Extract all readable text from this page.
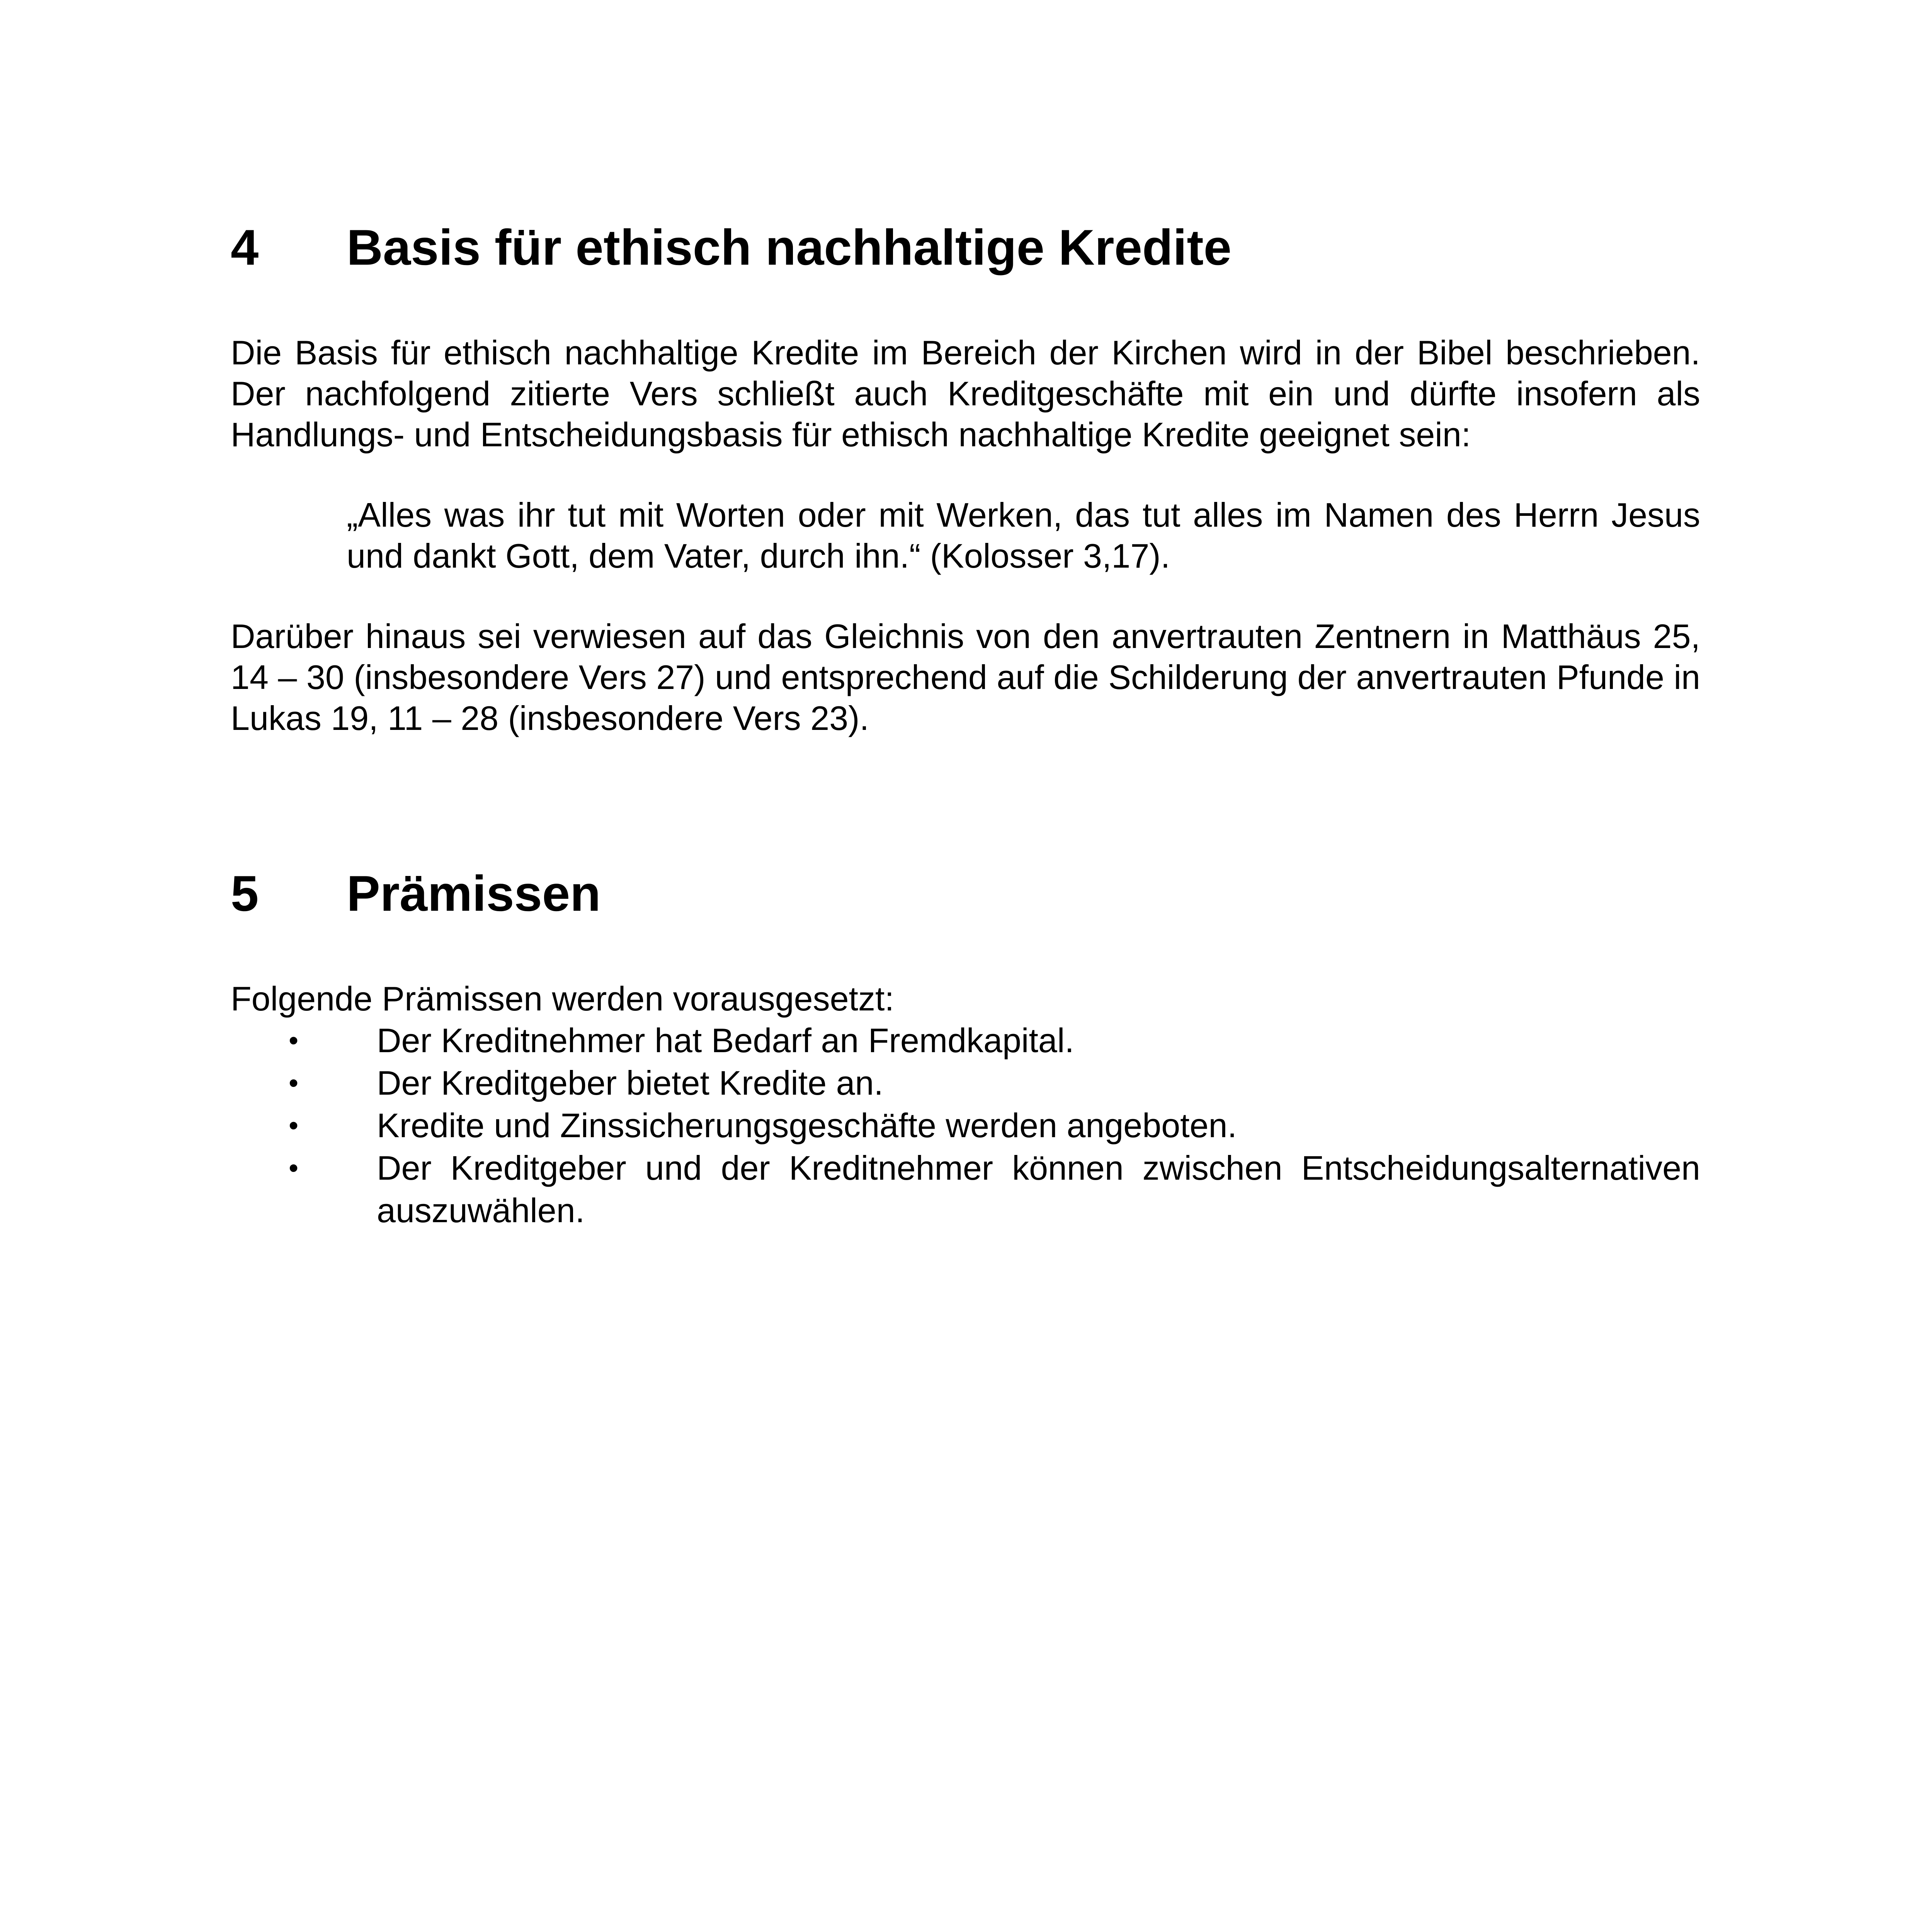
4	Basis für ethisch nachhaltige Kredite

Die Basis für ethisch nachhaltige Kredite im Bereich der Kirchen wird in der Bibel beschrieben. Der nachfolgend zitierte Vers schließt auch Kreditgeschäfte mit ein und dürfte insofern als Handlungs- und Entscheidungsbasis für ethisch nachhaltige Kredite geeignet sein:

„Alles was ihr tut mit Worten oder mit Werken, das tut alles im Namen des Herrn Jesus und dankt Gott, dem Vater, durch ihn.“ (Kolosser 3,17).

Darüber hinaus sei verwiesen auf das Gleichnis von den anvertrauten Zentnern in Matthäus 25, 14 – 30 (insbesondere Vers 27) und entsprechend auf die Schilderung der anvertrauten Pfunde in Lukas 19, 11 – 28 (insbesondere Vers 23).

5	Prämissen

Folgende Prämissen werden vorausgesetzt:

•	Der Kreditnehmer hat Bedarf an Fremdkapital.
•	Der Kreditgeber bietet Kredite an.
•	Kredite und Zinssicherungsgeschäfte werden angeboten.
•	Der Kreditgeber und der Kreditnehmer können zwischen Entscheidungsalternativen auszuwählen.
